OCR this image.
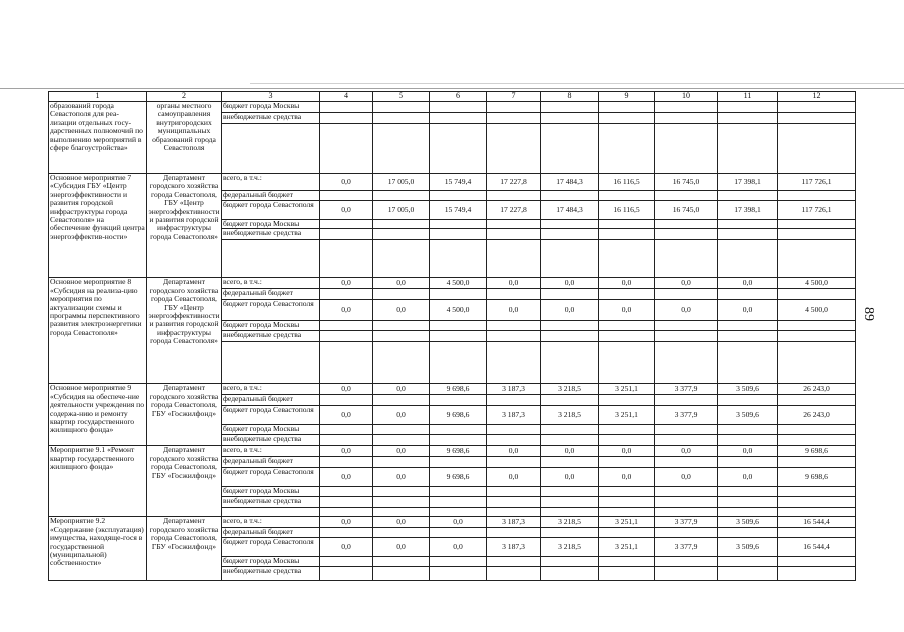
1	2	3	4	5	6	7	8	9	10	11	12
образований города Севастополя для реа-лизации отдельных госу-дарственных полномочий по выполнению мероприятий в сфере благоустройства»	органы местного самоуправления внутригородских муниципальных образований города Севастополя	бюджет города Москвы									
		внебюджетные средства									

Основное мероприятие 7 «Субсидия ГБУ «Центр энергоэффективности и развития городской инфраструктуры города Севастополя» на обеспечение функций центра энергоэффектив-ности»	Департамент городского хозяйства города Севастополя, ГБУ «Центр энергоэффективности и развития городской инфраструктуры города Севастополя»	всего, в т.ч.:	0,0	17 005,0	15 749,4	17 227,8	17 484,3	16 116,5	16 745,0	17 398,1	117 726,1
		федеральный бюджет									
		бюджет города Севастополя	0,0	17 005,0	15 749,4	17 227,8	17 484,3	16 116,5	16 745,0	17 398,1	117 726,1
		бюджет города Москвы									
		внебюджетные средства									

Основное мероприятие 8 «Субсидия на реализа-цию мероприятия по актуализации схемы и программы перспективного развития электроэнергетики города Севастополя»	Департамент городского хозяйства города Севастополя, ГБУ «Центр энергоэффективности и развития городской инфраструктуры города Севастополя»	всего, в т.ч.:	0,0	0,0	4 500,0	0,0	0,0	0,0	0,0	0,0	4 500,0
		федеральный бюджет									
		бюджет города Севастополя	0,0	0,0	4 500,0	0,0	0,0	0,0	0,0	0,0	4 500,0
		бюджет города Москвы									
		внебюджетные средства									

Основное мероприятие 9 «Субсидия на обеспече-ние деятельности учреждения по содержа-нию и ремонту квартир государственного жилищного фонда»	Департамент городского хозяйства города Севастополя, ГБУ «Госжилфонд»	всего, в т.ч.:	0,0	0,0	9 698,6	3 187,3	3 218,5	3 251,1	3 377,9	3 509,6	26 243,0
		федеральный бюджет									
		бюджет города Севастополя	0,0	0,0	9 698,6	3 187,3	3 218,5	3 251,1	3 377,9	3 509,6	26 243,0
		бюджет города Москвы									
		внебюджетные средства									
Мероприятие 9.1 «Ремонт квартир государственного жилищного фонда»	Департамент городского хозяйства города Севастополя, ГБУ «Госжилфонд»	всего, в т.ч.:	0,0	0,0	9 698,6	0,0	0,0	0,0	0,0	0,0	9 698,6
		федеральный бюджет									
		бюджет города Севастополя	0,0	0,0	9 698,6	0,0	0,0	0,0	0,0	0,0	9 698,6
		бюджет города Москвы									
		внебюджетные средства									

Мероприятие 9.2 «Содержание (эксплуатация) имущества, находящe-гося в государственной (муниципальной) собственности»	Департамент городского хозяйства города Севастополя, ГБУ «Госжилфонд»	всего, в т.ч.:	0,0	0,0	0,0	3 187,3	3 218,5	3 251,1	3 377,9	3 509,6	16 544,4
		федеральный бюджет									
		бюджет города Севастополя	0,0	0,0	0,0	3 187,3	3 218,5	3 251,1	3 377,9	3 509,6	16 544,4
		бюджет города Москвы									
		внебюджетные средства									
89
